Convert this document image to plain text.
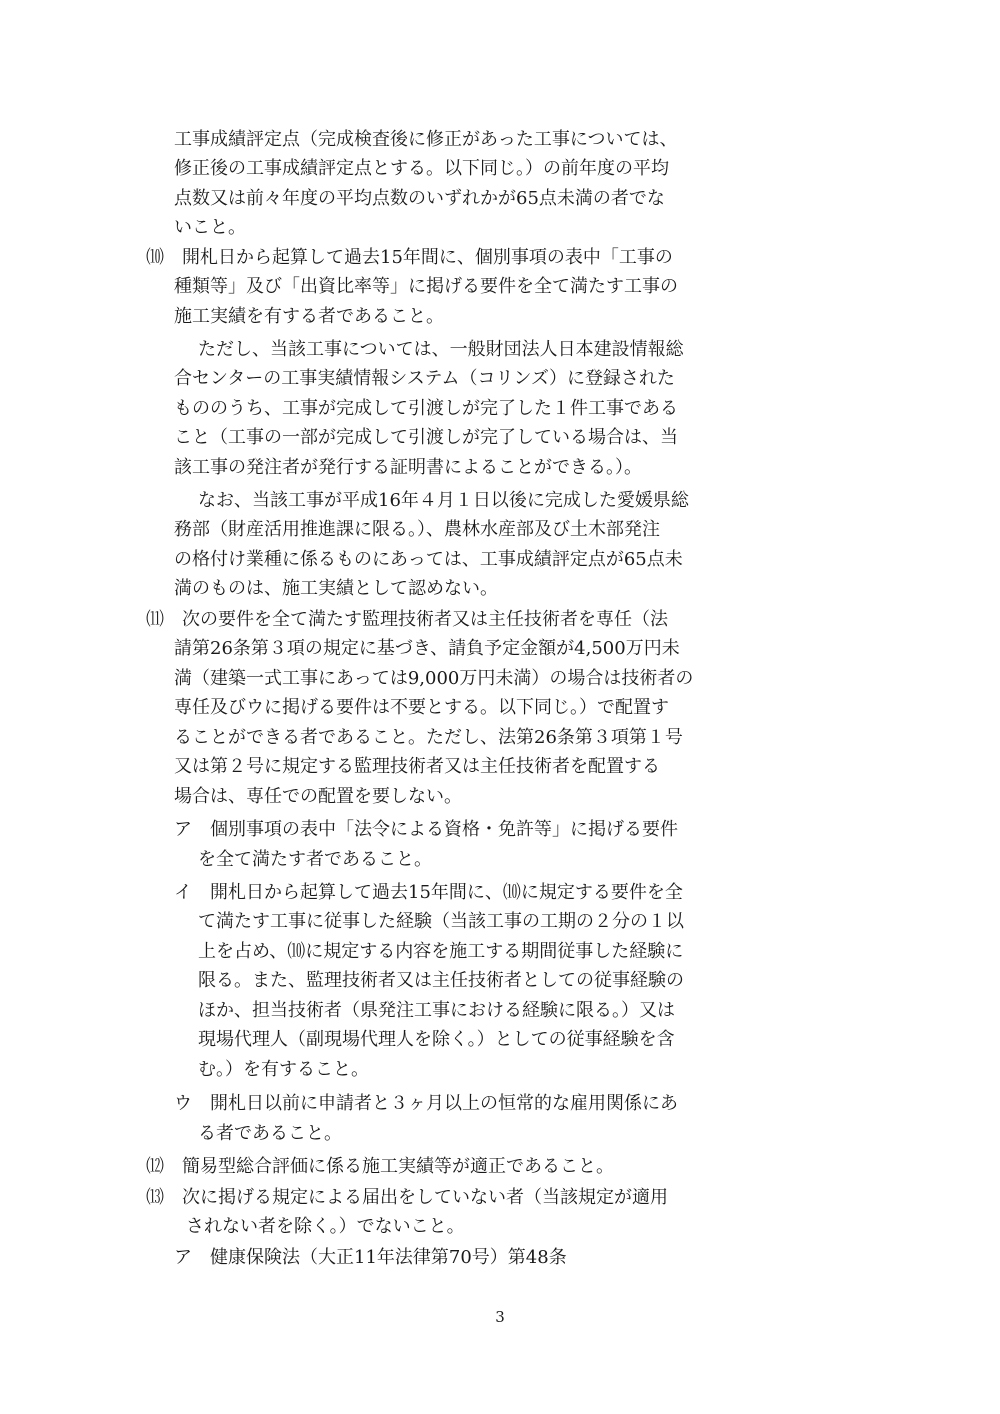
工事成績評定点（完成検査後に修正があった工事については、
修正後の工事成績評定点とする。以下同じ。）の前年度の平均
点数又は前々年度の平均点数のいずれかが65点未満の者でな
いこと。
⑽　開札日から起算して過去15年間に、個別事項の表中「工事の
種類等」及び「出資比率等」に掲げる要件を全て満たす工事の
施工実績を有する者であること。
ただし、当該工事については、一般財団法人日本建設情報総
合センターの工事実績情報システム（コリンズ）に登録された
もののうち、工事が完成して引渡しが完了した１件工事である
こと（工事の一部が完成して引渡しが完了している場合は、当
該工事の発注者が発行する証明書によることができる。）。
なお、当該工事が平成16年４月１日以後に完成した愛媛県総
務部（財産活用推進課に限る。）、農林水産部及び土木部発注
の格付け業種に係るものにあっては、工事成績評定点が65点未
満のものは、施工実績として認めない。
⑾　次の要件を全て満たす監理技術者又は主任技術者を専任（法
請第26条第３項の規定に基づき、請負予定金額が4,500万円未
満（建築一式工事にあっては9,000万円未満）の場合は技術者の
専任及びウに掲げる要件は不要とする。以下同じ。）で配置す
ることができる者であること。ただし、法第26条第３項第１号
又は第２号に規定する監理技術者又は主任技術者を配置する
場合は、専任での配置を要しない。
ア　個別事項の表中「法令による資格・免許等」に掲げる要件
を全て満たす者であること。
イ　開札日から起算して過去15年間に、⑽に規定する要件を全
て満たす工事に従事した経験（当該工事の工期の２分の１以
上を占め、⑽に規定する内容を施工する期間従事した経験に
限る。また、監理技術者又は主任技術者としての従事経験の
ほか、担当技術者（県発注工事における経験に限る。）又は
現場代理人（副現場代理人を除く。）としての従事経験を含
む。）を有すること。
ウ　開札日以前に申請者と３ヶ月以上の恒常的な雇用関係にあ
る者であること。
⑿　簡易型総合評価に係る施工実績等が適正であること。
⒀　次に掲げる規定による届出をしていない者（当該規定が適用
されない者を除く。）でないこと。
ア　健康保険法（大正11年法律第70号）第48条
3
